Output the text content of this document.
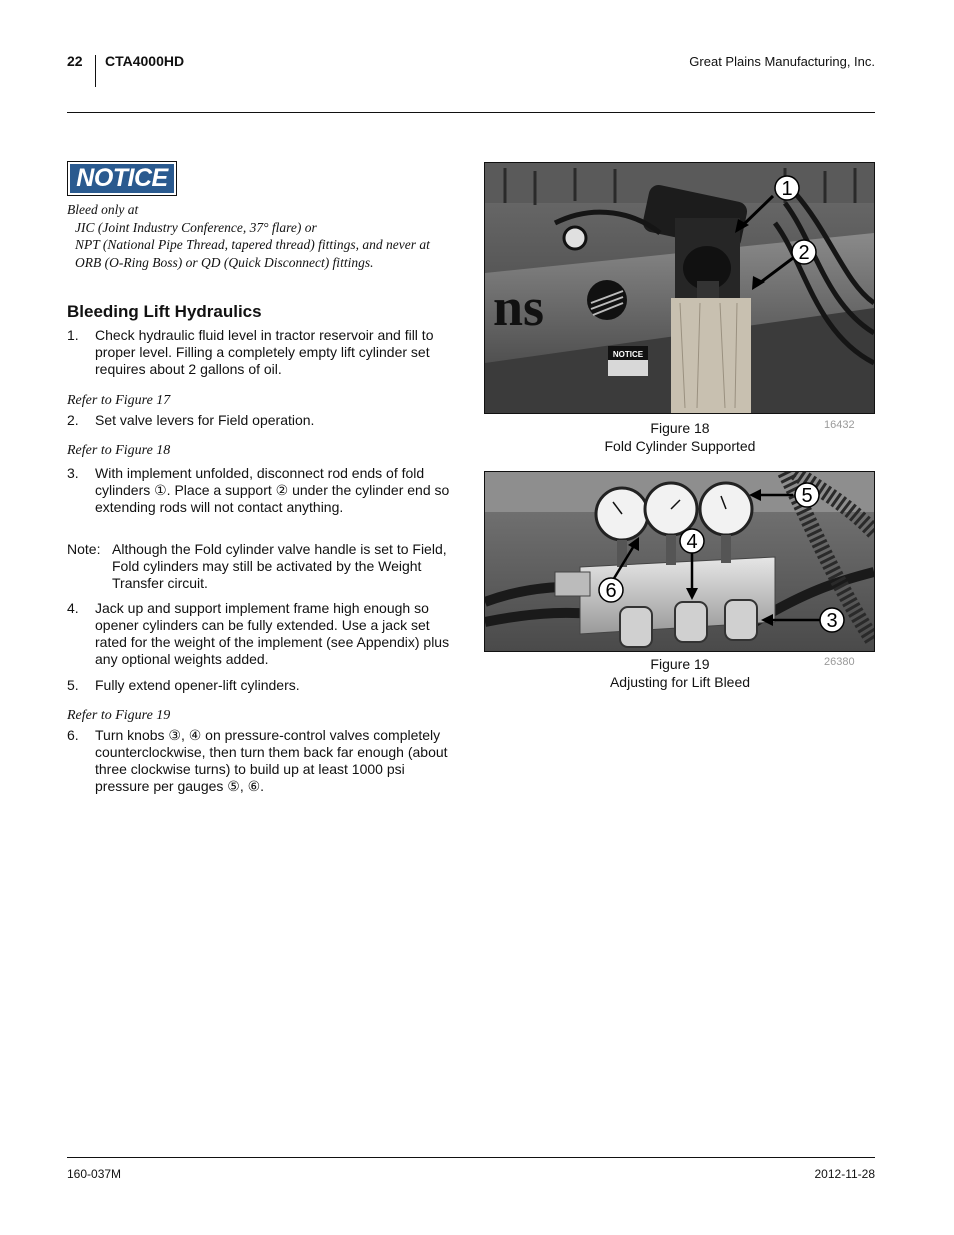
22 CTA4000HD	Great Plains Manufacturing, Inc.
NOTICE
Bleed only at
JIC (Joint Industry Conference, 37° flare) or
NPT (National Pipe Thread, tapered thread) fittings, and never at
ORB (O-Ring Boss) or QD (Quick Disconnect) fittings.
Bleeding Lift Hydraulics
1. Check hydraulic fluid level in tractor reservoir and fill to proper level. Filling a completely empty lift cylinder set requires about 2 gallons of oil.
Refer to Figure 17
2. Set valve levers for Field operation.
Refer to Figure 18
3. With implement unfolded, disconnect rod ends of fold cylinders ①. Place a support ② under the cylinder end so extending rods will not contact anything.
Note: Although the Fold cylinder valve handle is set to Field, Fold cylinders may still be activated by the Weight Transfer circuit.
4. Jack up and support implement frame high enough so opener cylinders can be fully extended. Use a jack set rated for the weight of the implement (see Appendix) plus any optional weights added.
5. Fully extend opener-lift cylinders.
Refer to Figure 19
6. Turn knobs ③, ④ on pressure-control valves completely counterclockwise, then turn them back far enough (about three clockwise turns) to build up at least 1000 psi pressure per gauges ⑤, ⑥.
ns
NOTICE
1
2
Figure 18
Fold Cylinder Supported
16432
5
4
6
3
Figure 19
Adjusting for Lift Bleed
26380
160-037M	2012-11-28
